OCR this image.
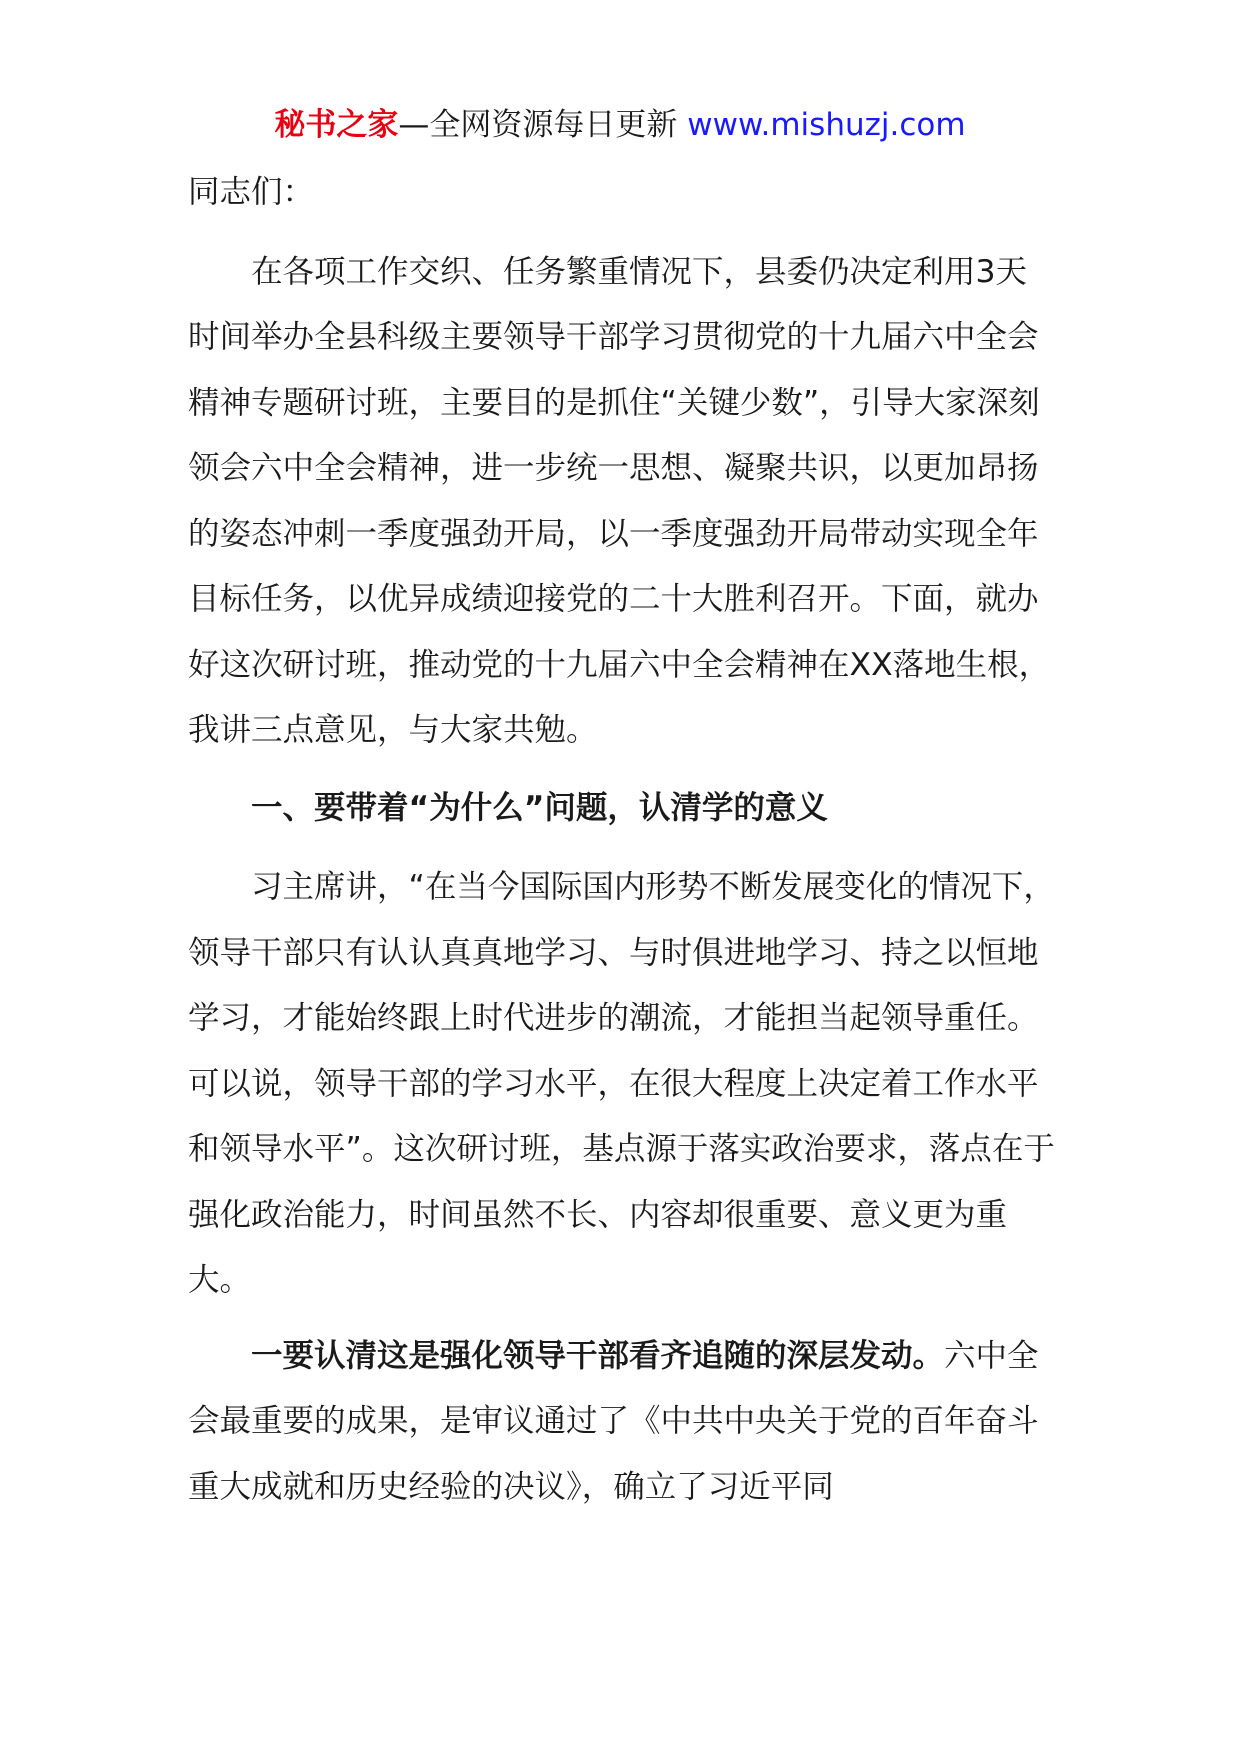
秘书之家—全网资源每日更新 www.mishuzj.com

同志们：

在各项工作交织、任务繁重情况下，县委仍决定利用3天时间举办全县科级主要领导干部学习贯彻党的十九届六中全会精神专题研讨班，主要目的是抓住“关键少数”，引导大家深刻领会六中全会精神，进一步统一思想、凝聚共识，以更加昂扬的姿态冲刺一季度强劲开局，以一季度强劲开局带动实现全年目标任务，以优异成绩迎接党的二十大胜利召开。下面，就办好这次研讨班，推动党的十九届六中全会精神在XX落地生根，我讲三点意见，与大家共勉。

一、要带着“为什么”问题，认清学的意义

习主席讲，“在当今国际国内形势不断发展变化的情况下，领导干部只有认认真真地学习、与时俱进地学习、持之以恒地学习，才能始终跟上时代进步的潮流，才能担当起领导重任。可以说，领导干部的学习水平，在很大程度上决定着工作水平和领导水平”。这次研讨班，基点源于落实政治要求，落点在于强化政治能力，时间虽然不长、内容却很重要、意义更为重大。

一要认清这是强化领导干部看齐追随的深层发动。六中全会最重要的成果，是审议通过了《中共中央关于党的百年奋斗重大成就和历史经验的决议》，确立了习近平同
